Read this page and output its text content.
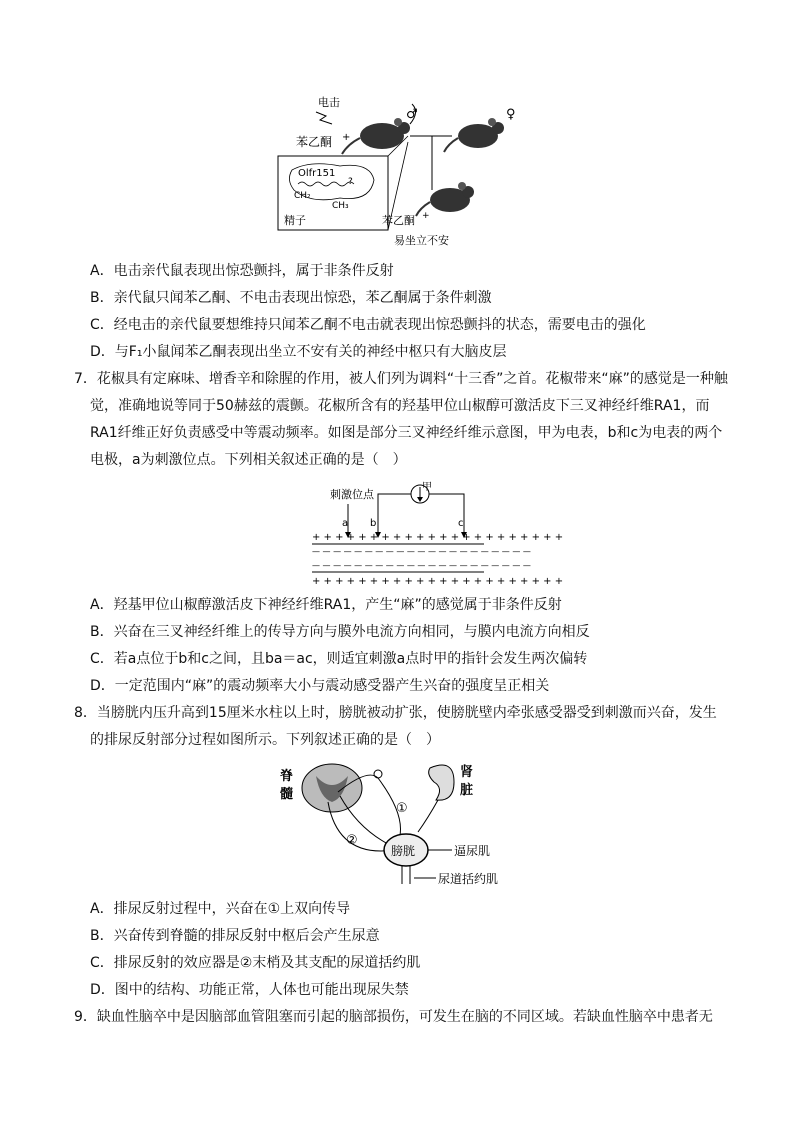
电击
苯乙酮 +
♂	♀
Olfr151
?
CH₂
CH₃
精子	苯乙酮 +
易坐立不安
A．电击亲代鼠表现出惊恐颤抖，属于非条件反射
B．亲代鼠只闻苯乙酮、不电击表现出惊恐，苯乙酮属于条件刺激
C．经电击的亲代鼠要想维持只闻苯乙酮不电击就表现出惊恐颤抖的状态，需要电击的强化
D．与F₁小鼠闻苯乙酮表现出坐立不安有关的神经中枢只有大脑皮层
7．花椒具有定麻味、增香辛和除腥的作用，被人们列为调料“十三香”之首。花椒带来“麻”的感觉是一种触
觉，准确地说等同于50赫兹的震颤。花椒所含有的羟基甲位山椒醇可激活皮下三叉神经纤维RA1，而
RA1纤维正好负责感受中等震动频率。如图是部分三叉神经纤维示意图，甲为电表，b和c为电表的两个
电极，a为刺激位点。下列相关叙述正确的是（　）
刺激位点
甲
a b	c
+ + + + + + + + + + + + + + + + + + + + + +
— — — — — — — — — — — — — — — — — — — — —
— — — — — — — — — — — — — — — — — — — — —
+ + + + + + + + + + + + + + + + + + + + + +
A．羟基甲位山椒醇激活皮下神经纤维RA1，产生“麻”的感觉属于非条件反射
B．兴奋在三叉神经纤维上的传导方向与膜外电流方向相同，与膜内电流方向相反
C．若a点位于b和c之间，且ba＝ac，则适宜刺激a点时甲的指针会发生两次偏转
D．一定范围内“麻”的震动频率大小与震动感受器产生兴奋的强度呈正相关
8．当膀胱内压升高到15厘米水柱以上时，膀胱被动扩张，使膀胱壁内牵张感受器受到刺激而兴奋，发生
的排尿反射部分过程如图所示。下列叙述正确的是（　）
脊
髓
①
②
肾
脏
膀胱	逼尿肌
尿道括约肌
A．排尿反射过程中，兴奋在①上双向传导
B．兴奋传到脊髓的排尿反射中枢后会产生尿意
C．排尿反射的效应器是②末梢及其支配的尿道括约肌
D．图中的结构、功能正常，人体也可能出现尿失禁
9．缺血性脑卒中是因脑部血管阻塞而引起的脑部损伤，可发生在脑的不同区域。若缺血性脑卒中患者无
